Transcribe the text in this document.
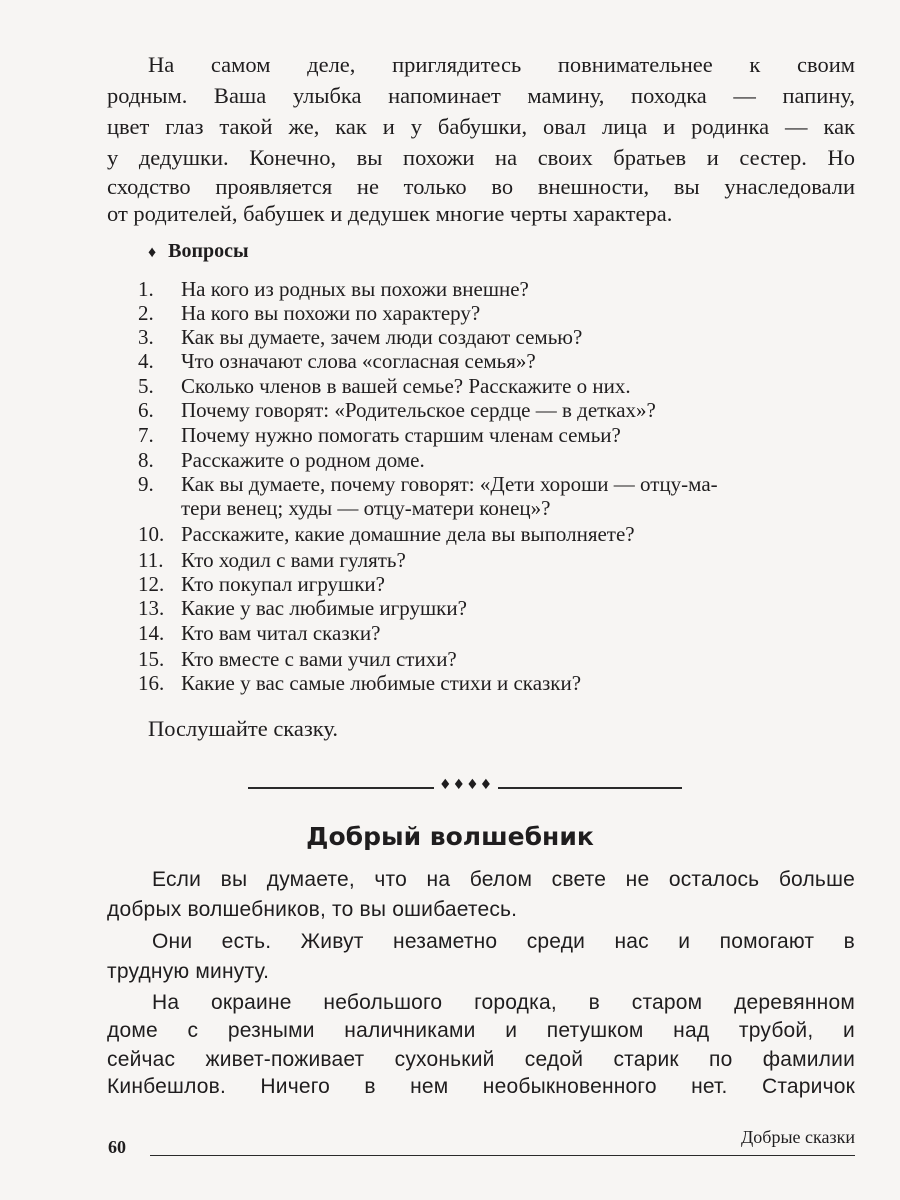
На самом деле, приглядитесь повнимательнее к своим
родным. Ваша улыбка напоминает мамину, походка — папину,
цвет глаз такой же, как и у бабушки, овал лица и родинка — как
у дедушки. Конечно, вы похожи на своих братьев и сестер. Но
сходство проявляется не только во внешности, вы унаследовали
от родителей, бабушек и дедушек многие черты характера.
♦ Вопросы
1. На кого из родных вы похожи внешне?
2. На кого вы похожи по характеру?
3. Как вы думаете, зачем люди создают семью?
4. Что означают слова «согласная семья»?
5. Сколько членов в вашей семье? Расскажите о них.
6. Почему говорят: «Родительское сердце — в детках»?
7. Почему нужно помогать старшим членам семьи?
8. Расскажите о родном доме.
9. Как вы думаете, почему говорят: «Дети хороши — отцу-ма-
тери венец; худы — отцу-матери конец»?
10. Расскажите, какие домашние дела вы выполняете?
11. Кто ходил с вами гулять?
12. Кто покупал игрушки?
13. Какие у вас любимые игрушки?
14. Кто вам читал сказки?
15. Кто вместе с вами учил стихи?
16. Какие у вас самые любимые стихи и сказки?
Послушайте сказку.
♦♦♦♦
Добрый волшебник
Если вы думаете, что на белом свете не осталось больше
добрых волшебников, то вы ошибаетесь.
Они есть. Живут незаметно среди нас и помогают в
трудную минуту.
На окраине небольшого городка, в старом деревянном
доме с резными наличниками и петушком над трубой, и
сейчас живет-поживает сухонький седой старик по фамилии
Кинбешлов. Ничего в нем необыкновенного нет. Старичок
60	Добрые сказки
